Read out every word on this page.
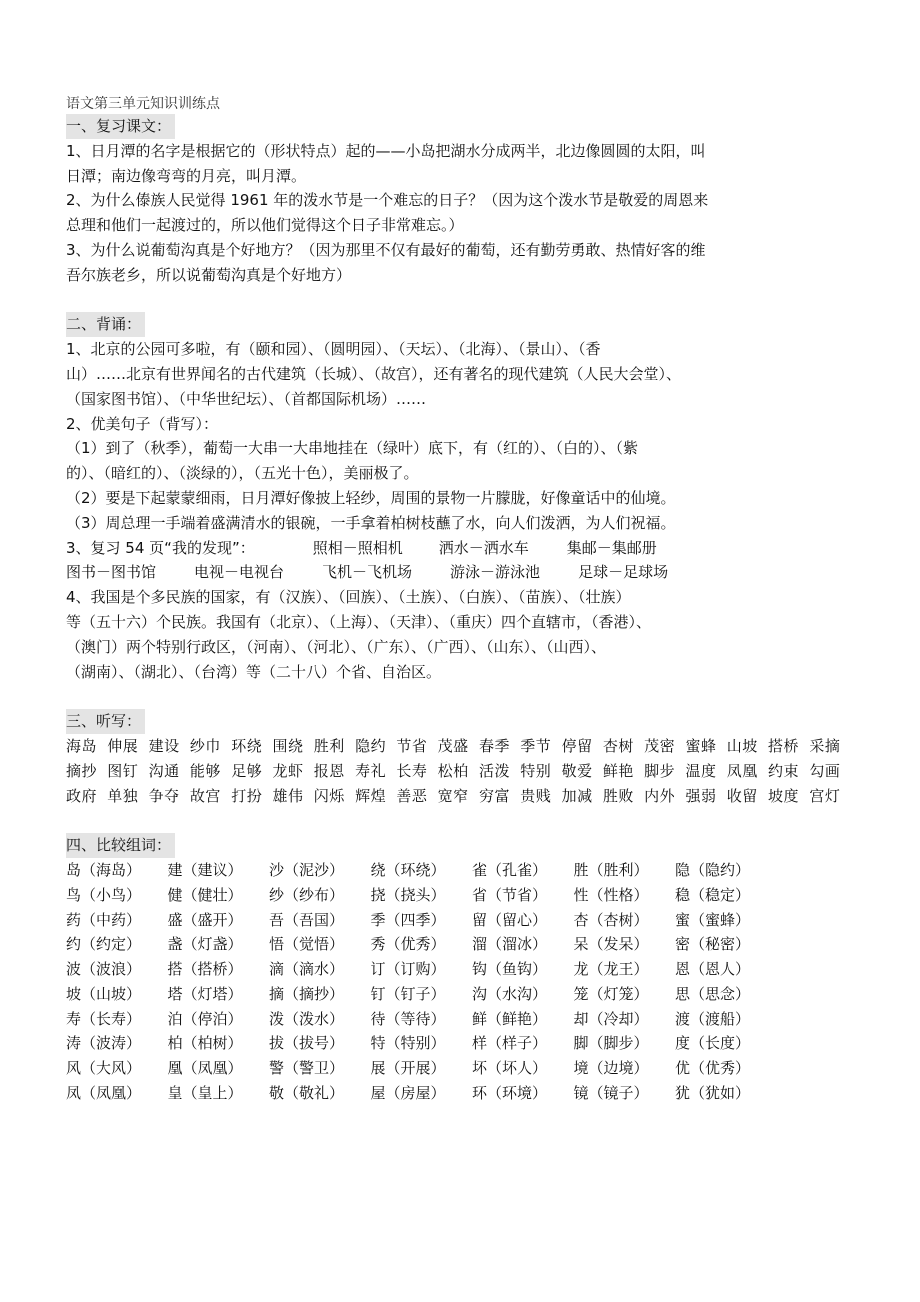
语文第三单元知识训练点
一、复习课文：
1、日月潭的名字是根据它的（形状特点）起的——小岛把湖水分成两半，北边像圆圆的太阳，叫
日潭；南边像弯弯的月亮，叫月潭。
2、为什么傣族人民觉得 1961 年的泼水节是一个难忘的日子？（因为这个泼水节是敬爱的周恩来
总理和他们一起渡过的，所以他们觉得这个日子非常难忘。）
3、为什么说葡萄沟真是个好地方？（因为那里不仅有最好的葡萄，还有勤劳勇敢、热情好客的维
吾尔族老乡，所以说葡萄沟真是个好地方）
二、背诵：
1、北京的公园可多啦，有（颐和园）、（圆明园）、（天坛）、（北海）、（景山）、（香
山）……北京有世界闻名的古代建筑（长城）、（故宫），还有著名的现代建筑（人民大会堂）、
（国家图书馆）、（中华世纪坛）、（首都国际机场）……
2、优美句子（背写）：
（1）到了（秋季），葡萄一大串一大串地挂在（绿叶）底下，有（红的）、（白的）、（紫
的）、（暗红的）、（淡绿的），（五光十色），美丽极了。
（2）要是下起蒙蒙细雨，日月潭好像披上轻纱，周围的景物一片朦胧，好像童话中的仙境。
（3）周总理一手端着盛满清水的银碗，一手拿着柏树枝蘸了水，向人们泼洒，为人们祝福。
3、复习 54 页“我的发现”：	照相－照相机 洒水－洒水车	集邮－集邮册
图书－图书馆	电视－电视台	飞机－飞机场	游泳－游泳池	足球－足球场
4、我国是个多民族的国家，有（汉族）、（回族）、（土族）、（白族）、（苗族）、（壮族）
等（五十六）个民族。我国有（北京）、（上海）、（天津）、（重庆）四个直辖市，（香港）、
（澳门）两个特别行政区，（河南）、（河北）、（广东）、（广西）、（山东）、（山西）、
（湖南）、（湖北）、（台湾）等（二十八）个省、自治区。
三、听写：
海岛 伸展 建设 纱巾 环绕 围绕 胜利 隐约 节省 茂盛 春季 季节 停留 杏树 茂密 蜜蜂 山坡 搭桥 采摘 摘抄 图钉 沟通 能够 足够 龙虾 报恩 寿礼 长寿 松柏 活泼 特别 敬爱 鲜艳 脚步 温度 凤凰 约束 勾画 政府 单独 争夺 故宫 打扮 雄伟 闪烁 辉煌 善恶 宽窄 穷富 贵贱 加减 胜败 内外 强弱 收留 坡度 宫灯
四、比较组词：
岛（海岛）	建（建议）	沙（泥沙）	绕（环绕）	雀（孔雀）	胜（胜利）	隐（隐约）
鸟（小鸟）	健（健壮）	纱（纱布）	挠（挠头）	省（节省）	性（性格）	稳（稳定）
药（中药）	盛（盛开）	吾（吾国）	季（四季）	留（留心）	杏（杏树）	蜜（蜜蜂）
约（约定）	盏（灯盏）	悟（觉悟）	秀（优秀）	溜（溜冰）	呆（发呆）	密（秘密）
波（波浪）	搭（搭桥）	滴（滴水）	订（订购）	钩（鱼钩）	龙（龙王）	恩（恩人）
坡（山坡）	塔（灯塔）	摘（摘抄）	钉（钉子）	沟（水沟）	笼（灯笼）	思（思念）
寿（长寿）	泊（停泊）	泼（泼水）	待（等待）	鲜（鲜艳）	却（冷却）	渡（渡船）
涛（波涛）	柏（柏树）	拔（拔号）	特（特别）	样（样子）	脚（脚步）	度（长度）
风（大风）	凰（凤凰）	警（警卫）	展（开展）	坏（坏人）	境（边境）	优（优秀）
凤（凤凰）	皇（皇上）	敬（敬礼）	屋（房屋）	环（环境）	镜（镜子）	犹（犹如）
